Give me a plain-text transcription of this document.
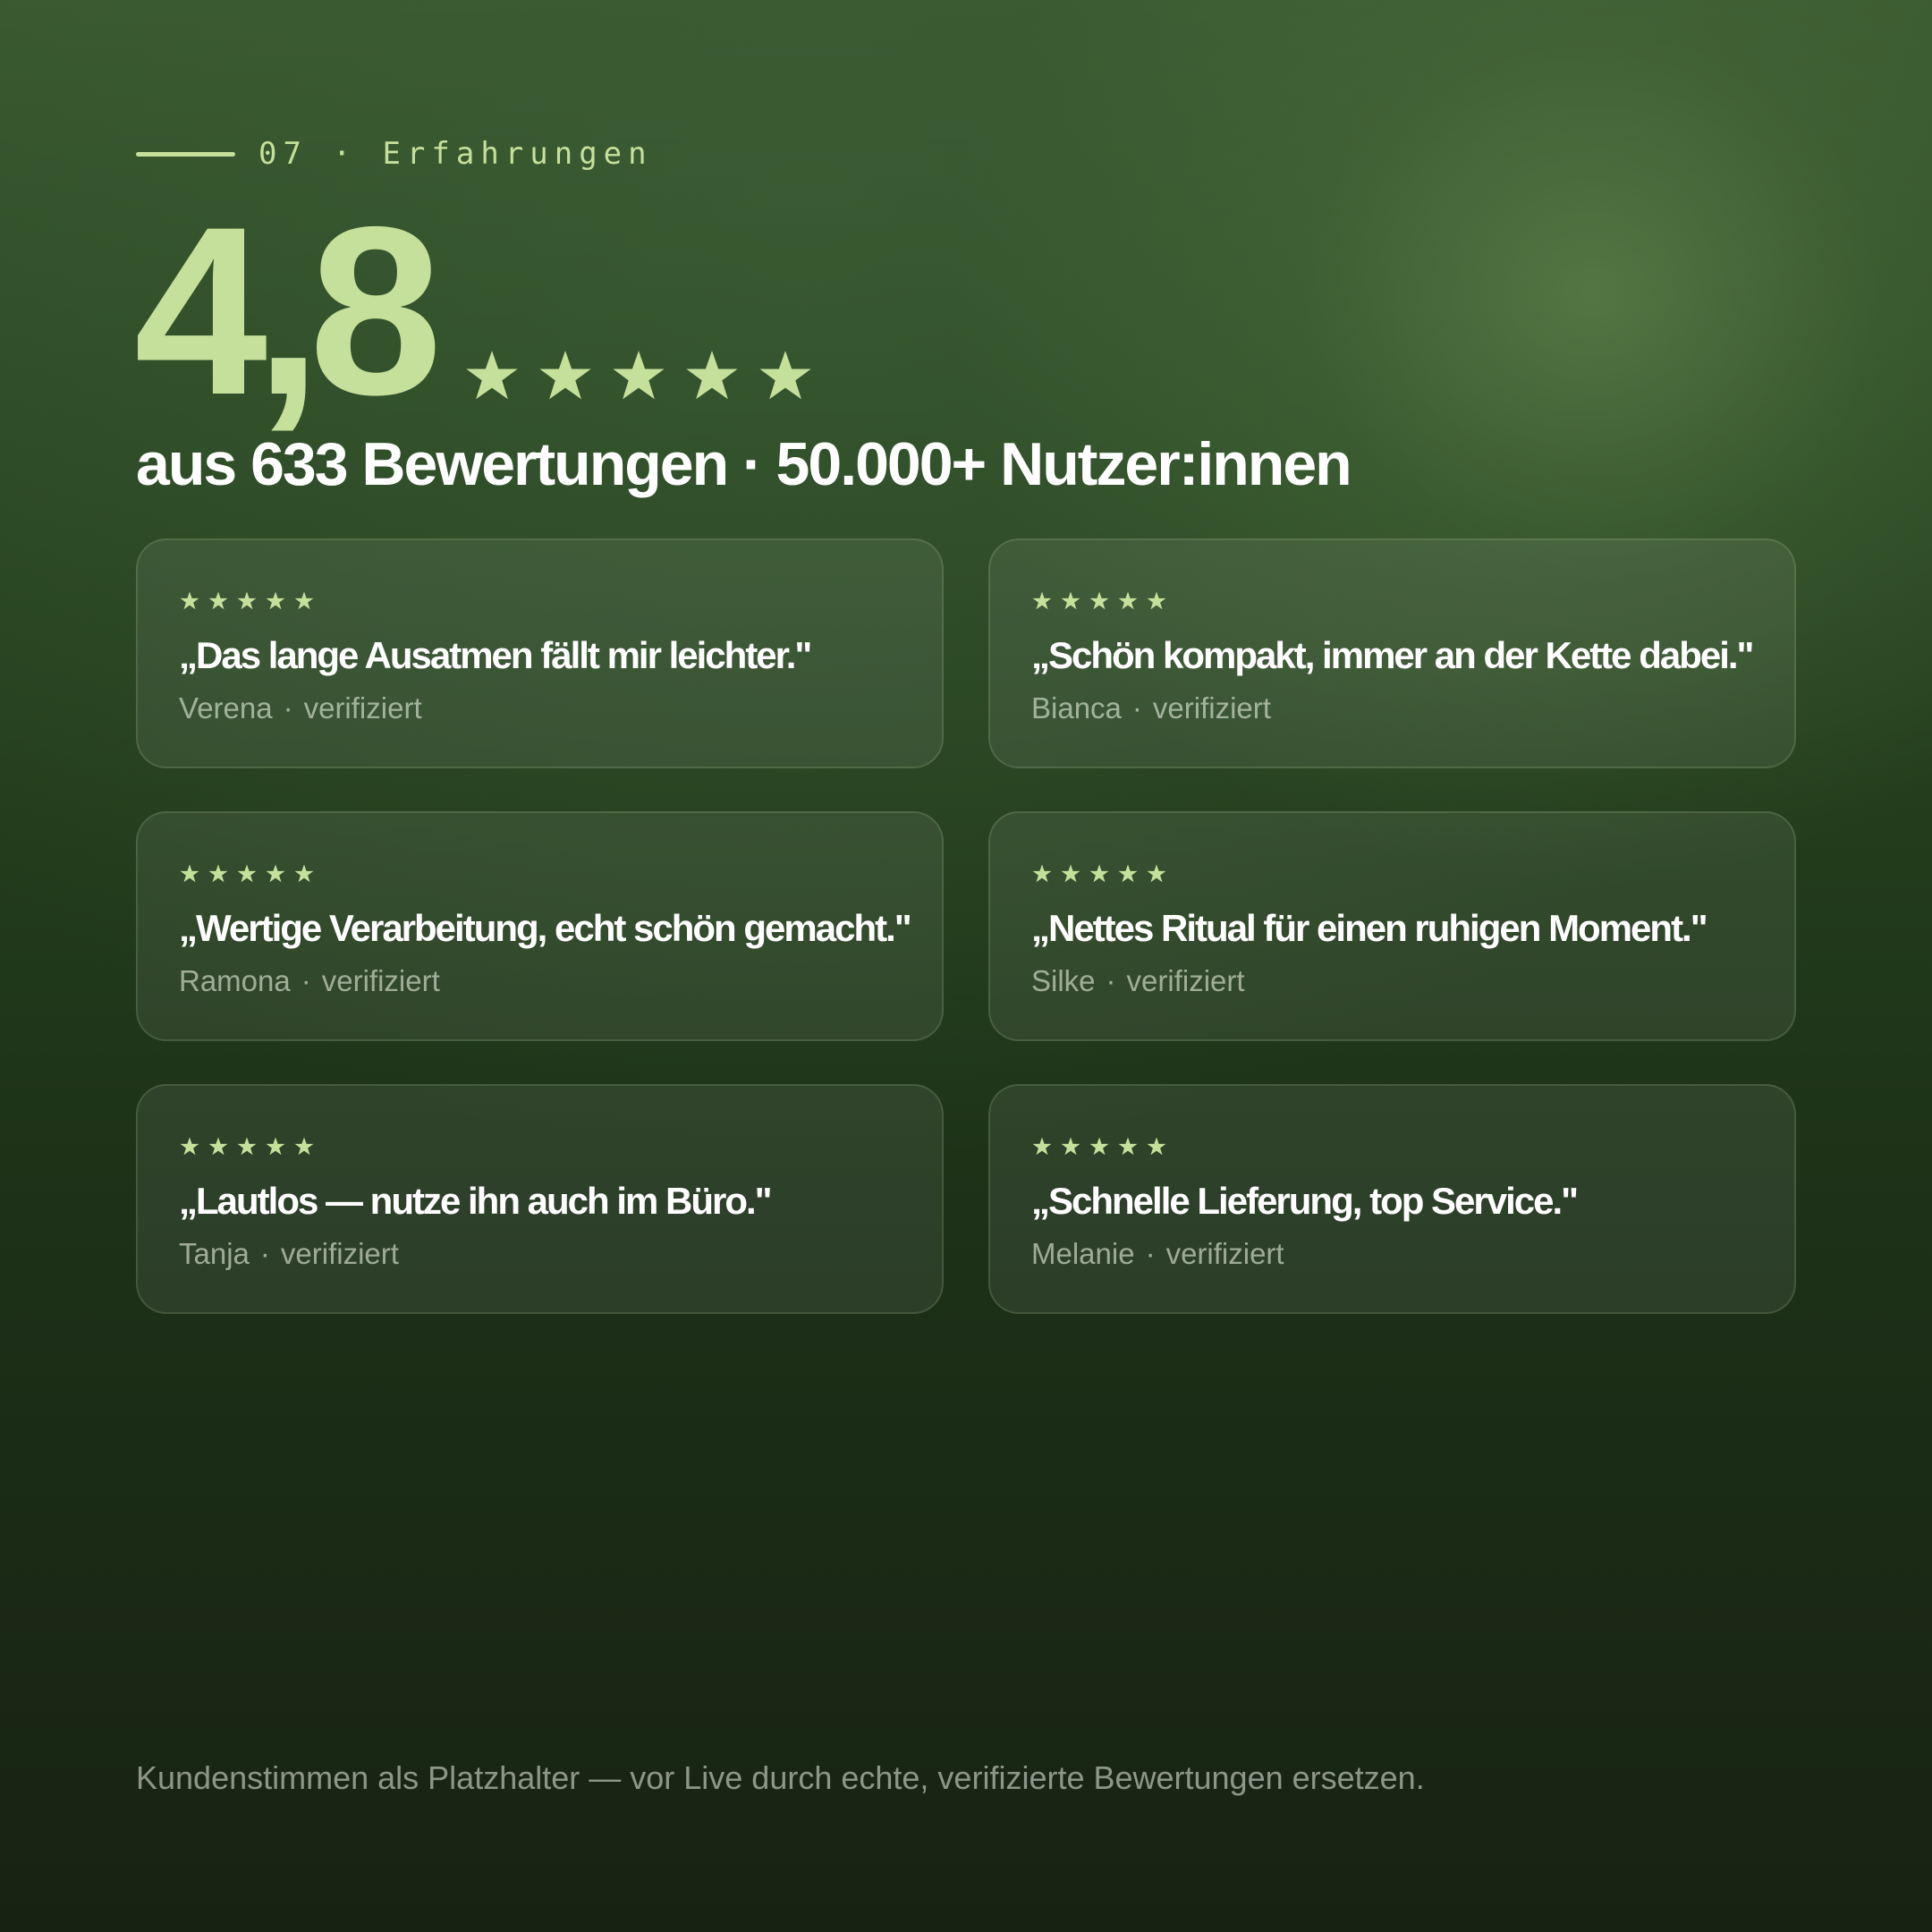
07 · Erfahrungen
4,8
aus 633 Bewertungen · 50.000+ Nutzer:innen
„Das lange Ausatmen fällt mir leichter."
Verena · verifiziert
„Schön kompakt, immer an der Kette dabei."
Bianca · verifiziert
„Wertige Verarbeitung, echt schön gemacht."
Ramona · verifiziert
„Nettes Ritual für einen ruhigen Moment."
Silke · verifiziert
„Lautlos — nutze ihn auch im Büro."
Tanja · verifiziert
„Schnelle Lieferung, top Service."
Melanie · verifiziert
Kundenstimmen als Platzhalter — vor Live durch echte, verifizierte Bewertungen ersetzen.
